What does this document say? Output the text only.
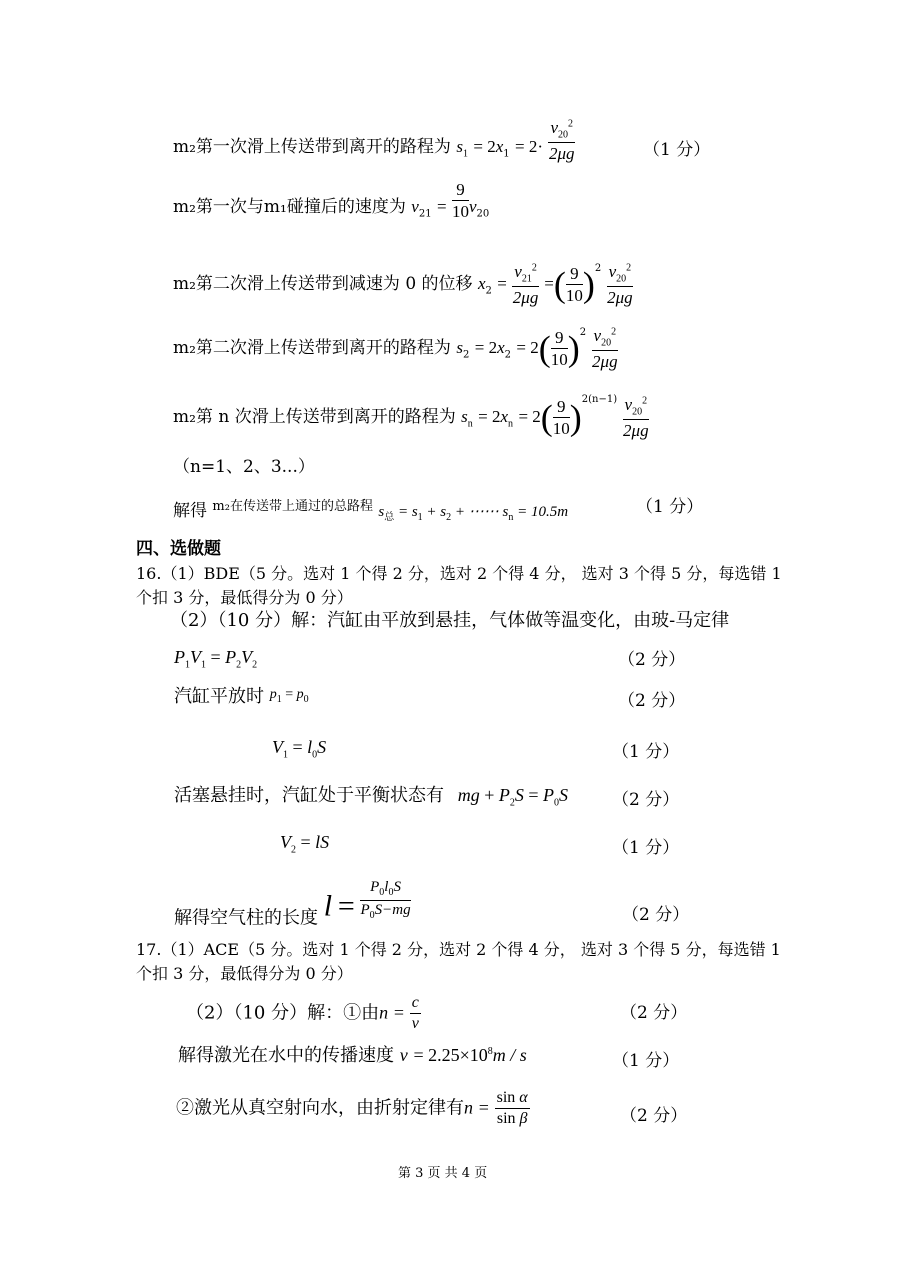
m₂第一次滑上传送带到离开的路程为 $s_1 = 2x_1 = 2\cdot \frac{v_{20}^2}{2\mu g}$	（1 分）
m₂第一次与m₁碰撞后的速度为 $v_{21} = \frac{9}{10} v_{20}$
m₂第二次滑上传送带到减速为 0 的位移 $x_2 = \frac{v_{21}^2}{2\mu g}$ =( $\frac{9}{10} )^2 \frac{v_{20}^2}{2\mu g}$
m₂第二次滑上传送带到离开的路程为 $s_2 = 2x_2 = 2( \frac{9}{10} )^2 \frac{v_{20}^2}{2\mu g}$
m₂第 n 次滑上传送带到离开的路程为 $s_n = 2x_n = 2( \frac{9}{10} )^{2(n-1)} \frac{v_{20}^2}{2\mu g}$
（n=1、2、3...）
解得 $^{m_2在传送带上通过的总路程}$ $s_总 = s_1 + s_2$ + ⋯⋯ $s_n = 10.5m$	（1 分）
四、选做题
16.（1）BDE（5 分。选对 1 个得 2 分，选对 2 个得 4 分， 选对 3 个得 5 分，每选错 1
个扣 3 分，最低得分为 0 分）
（2）（10 分）解：汽缸由平放到悬挂，气体做等温变化，由玻-马定律
$P_1V_1 = P_2V_2$	（2 分）
汽缸平放时 $^{p_1 = p_0}$	（2 分）
$V_1 = l_0S$	（1 分）
活塞悬挂时，汽缸处于平衡状态有 mg + $P_2S = P_0S$	（2 分）
$V_2$ = lS	（1 分）
解得空气柱的长度 $l = \frac{P_0l_0S}{P_0S-mg}$	（2 分）
17.（1）ACE（5 分。选对 1 个得 2 分，选对 2 个得 4 分， 选对 3 个得 5 分，每选错 1
个扣 3 分，最低得分为 0 分）
（2）（10 分）解：①由$n = \frac{c}{v}$	（2 分）
解得激光在水中的传播速度 $v = 2.25\times 10^8m / s$	（1 分）
②激光从真空射向水，由折射定律有$n = \frac{\text{sin α}}{\text{sin β}}$	（2 分）
第 3 页 共 4 页
